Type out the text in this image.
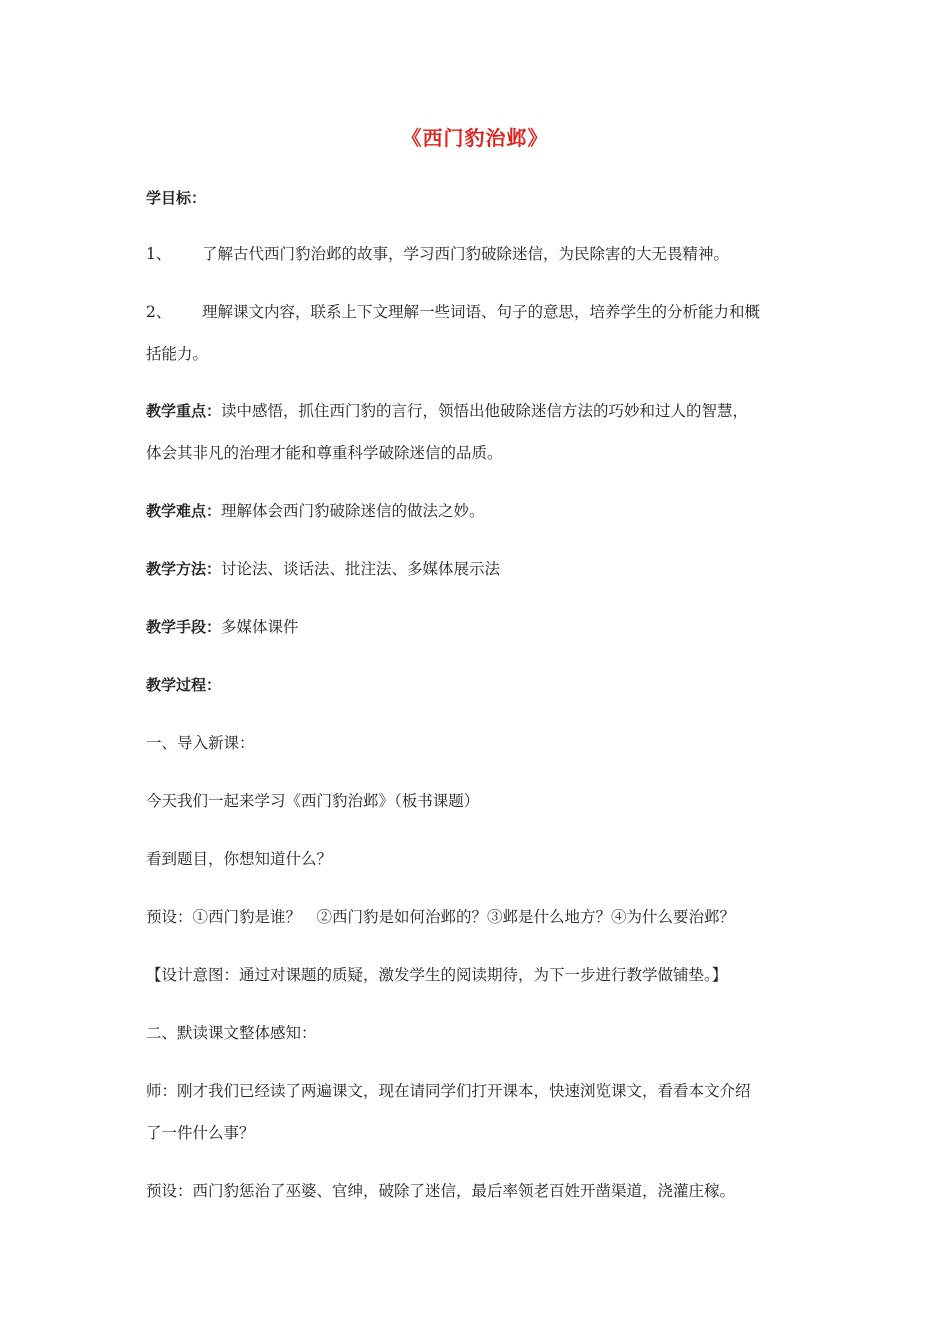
《西门豹治邺》
学目标：
1、 了解古代西门豹治邺的故事，学习西门豹破除迷信，为民除害的大无畏精神。
2、 理解课文内容，联系上下文理解一些词语、句子的意思，培养学生的分析能力和概
括能力。
教学重点：读中感悟，抓住西门豹的言行，领悟出他破除迷信方法的巧妙和过人的智慧，
体会其非凡的治理才能和尊重科学破除迷信的品质。
教学难点：理解体会西门豹破除迷信的做法之妙。
教学方法：讨论法、谈话法、批注法、多媒体展示法
教学手段：多媒体课件
教学过程：
一、导入新课：
今天我们一起来学习《西门豹治邺》（板书课题）
看到题目，你想知道什么？
预设：①西门豹是谁？　②西门豹是如何治邺的？③邺是什么地方？④为什么要治邺？
【设计意图：通过对课题的质疑，激发学生的阅读期待，为下一步进行教学做铺垫。】
二、默读课文整体感知：
师：刚才我们已经读了两遍课文，现在请同学们打开课本，快速浏览课文，看看本文介绍
了一件什么事？
预设：西门豹惩治了巫婆、官绅，破除了迷信，最后率领老百姓开凿渠道，浇灌庄稼。
